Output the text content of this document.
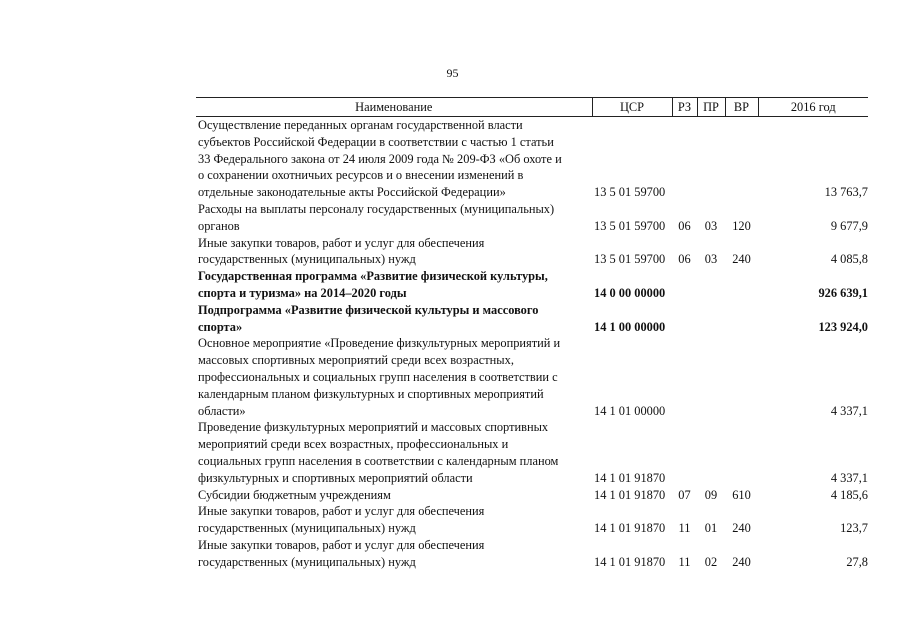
95
Наименование	ЦСР	РЗ	ПР	ВР	2016 год

Осуществление переданных органам государственной власти
субъектов Российской Федерации в соответствии с частью 1 статьи
33 Федерального закона от 24 июля 2009 года № 209-ФЗ «Об охоте и
о сохранении охотничьих ресурсов и о внесении изменений в
отдельные законодательные акты Российской Федерации»	13 5 01 59700				13 763,7

Расходы на выплаты персоналу государственных (муниципальных)
органов	13 5 01 59700	06	03	120	9 677,9

Иные закупки товаров, работ и услуг для обеспечения
государственных (муниципальных) нужд	13 5 01 59700	06	03	240	4 085,8

Государственная программа «Развитие физической культуры,
спорта и туризма» на 2014–2020 годы	14 0 00 00000				926 639,1

Подпрограмма «Развитие физической культуры и массового
спорта»	14 1 00 00000				123 924,0

Основное мероприятие «Проведение физкультурных мероприятий и
массовых спортивных мероприятий среди всех возрастных,
профессиональных и социальных групп населения в соответствии с
календарным планом физкультурных и спортивных мероприятий
области»	14 1 01 00000				4 337,1

Проведение физкультурных мероприятий и массовых спортивных
мероприятий среди всех возрастных, профессиональных и
социальных групп населения в соответствии с календарным планом
физкультурных и спортивных мероприятий области	14 1 01 91870				4 337,1

Субсидии бюджетным учреждениям	14 1 01 91870	07	09	610	4 185,6

Иные закупки товаров, работ и услуг для обеспечения
государственных (муниципальных) нужд	14 1 01 91870	11	01	240	123,7

Иные закупки товаров, работ и услуг для обеспечения
государственных (муниципальных) нужд	14 1 01 91870	11	02	240	27,8
